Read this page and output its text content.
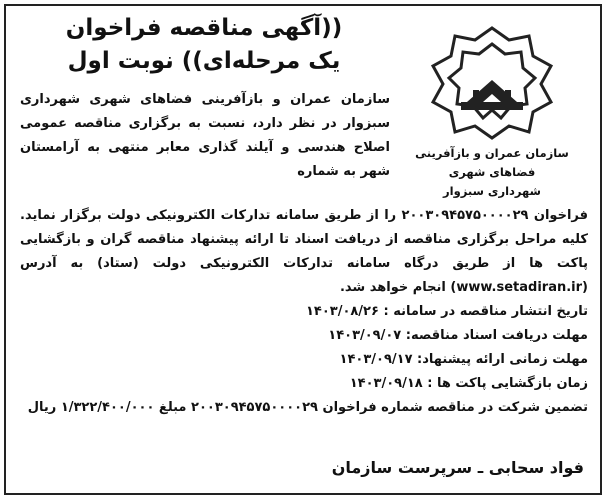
سازمان عمران و بازآفرینی فضاهای شهری
شهرداری سبزوار
((آگهی مناقصه فراخوان
یک مرحله‌ای)) نوبت اول
سازمان عمران و بازآفرینی فضاهای شهری شهرداری سبزوار در نظر دارد، نسبت به برگزاری مناقصه عمومی اصلاح هندسی و آیلند گذاری معابر منتهی به آرامستان شهر به شماره
فراخوان ۲۰۰۳۰۹۴۵۷۵۰۰۰۰۲۹ را از طریق سامانه تدارکات الکترونیکی دولت برگزار نماید. کلیه مراحل برگزاری مناقصه از دریافت اسناد تا ارائه پیشنهاد مناقصه گران و بازگشایی پاکت ها از طریق درگاه سامانه تدارکات الکترونیکی دولت (ستاد) به آدرس (www.setadiran.ir) انجام خواهد شد.
تاریخ انتشار مناقصه در سامانه : ۱۴۰۳/۰۸/۲۶
مهلت دریافت اسناد مناقصه: ۱۴۰۳/۰۹/۰۷
مهلت زمانی ارائه پیشنهاد: ۱۴۰۳/۰۹/۱۷
زمان بازگشایی پاکت ها : ۱۴۰۳/۰۹/۱۸
تضمین شرکت در مناقصه شماره فراخوان ۲۰۰۳۰۹۴۵۷۵۰۰۰۰۲۹ مبلغ ۱/۳۲۲/۴۰۰/۰۰۰ ریال
فواد سحابی ـ سرپرست سازمان
